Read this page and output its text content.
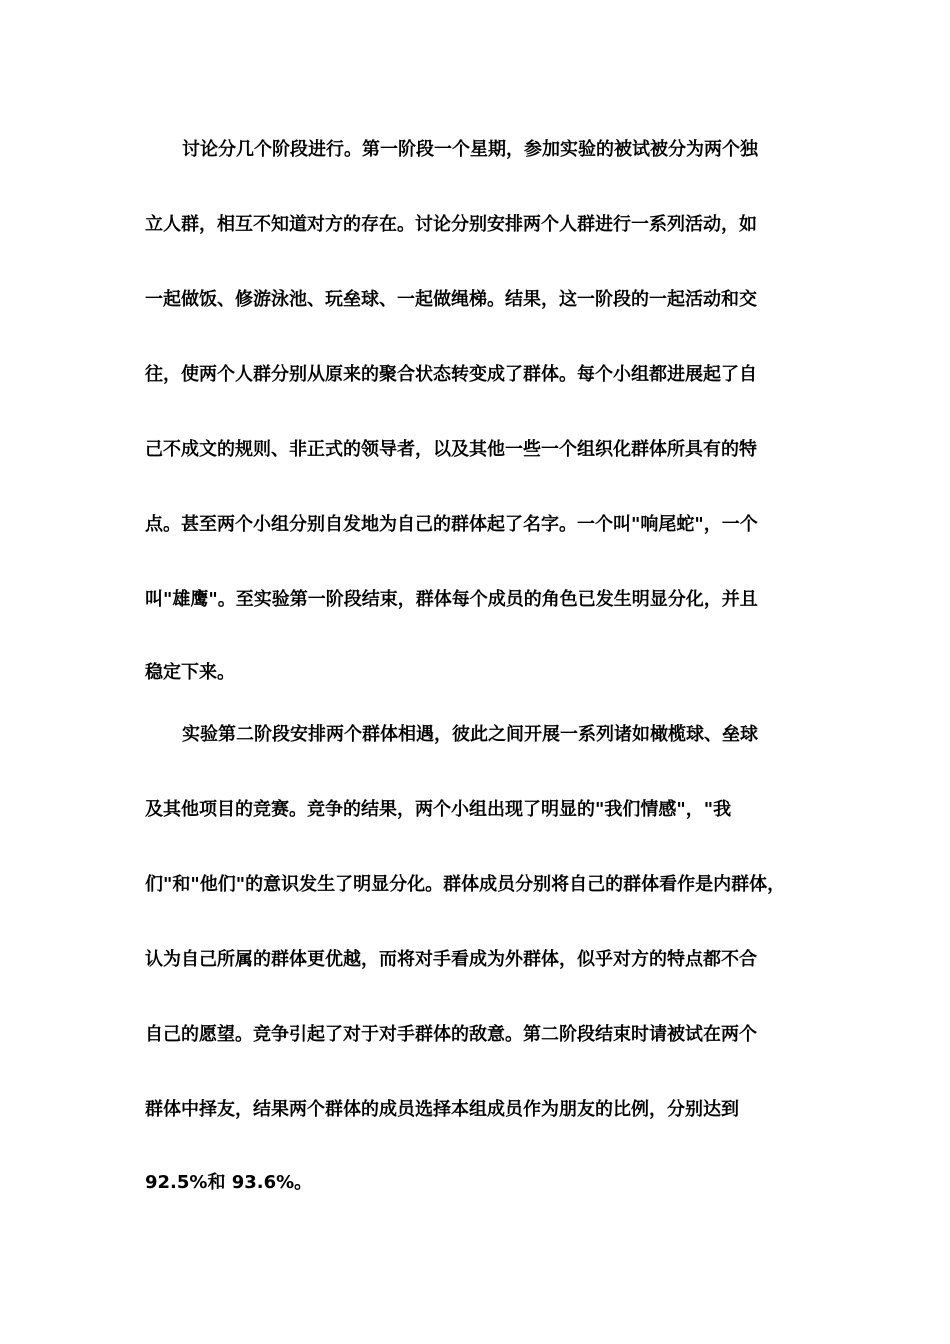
讨论分几个阶段进行。第一阶段一个星期，参加实验的被试被分为两个独
立人群，相互不知道对方的存在。讨论分别安排两个人群进行一系列活动，如
一起做饭、修游泳池、玩垒球、一起做绳梯。结果，这一阶段的一起活动和交
往，使两个人群分别从原来的聚合状态转变成了群体。每个小组都进展起了自
己不成文的规则、非正式的领导者，以及其他一些一个组织化群体所具有的特
点。甚至两个小组分别自发地为自己的群体起了名字。一个叫"响尾蛇"，一个
叫"雄鹰"。至实验第一阶段结束，群体每个成员的角色已发生明显分化，并且
稳定下来。
实验第二阶段安排两个群体相遇，彼此之间开展一系列诸如橄榄球、垒球
及其他项目的竞赛。竞争的结果，两个小组出现了明显的"我们情感"，"我
们"和"他们"的意识发生了明显分化。群体成员分别将自己的群体看作是内群体，
认为自己所属的群体更优越，而将对手看成为外群体，似乎对方的特点都不合
自己的愿望。竞争引起了对于对手群体的敌意。第二阶段结束时请被试在两个
群体中择友，结果两个群体的成员选择本组成员作为朋友的比例，分别达到
92.5%和 93.6%。
